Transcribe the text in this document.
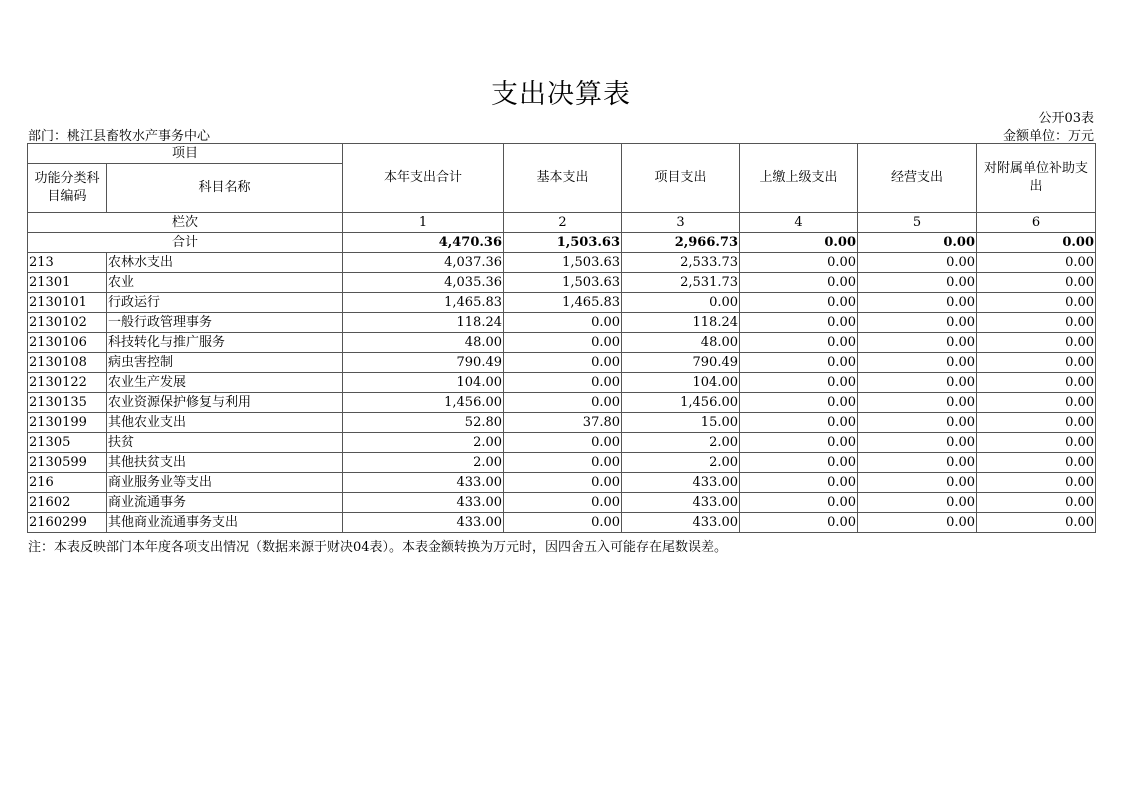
支出决算表
公开03表
部门：桃江县畜牧水产事务中心	金额单位：万元
项目		本年支出合计	基本支出	项目支出	上缴上级支出	经营支出	对附属单位补助支出
功能分类科目编码	科目名称						
栏次		1	2	3	4	5	6
合计		4,470.36	1,503.63	2,966.73	0.00	0.00	0.00
213	农林水支出	4,037.36	1,503.63	2,533.73	0.00	0.00	0.00
21301	农业	4,035.36	1,503.63	2,531.73	0.00	0.00	0.00
2130101	行政运行	1,465.83	1,465.83	0.00	0.00	0.00	0.00
2130102	一般行政管理事务	118.24	0.00	118.24	0.00	0.00	0.00
2130106	科技转化与推广服务	48.00	0.00	48.00	0.00	0.00	0.00
2130108	病虫害控制	790.49	0.00	790.49	0.00	0.00	0.00
2130122	农业生产发展	104.00	0.00	104.00	0.00	0.00	0.00
2130135	农业资源保护修复与利用	1,456.00	0.00	1,456.00	0.00	0.00	0.00
2130199	其他农业支出	52.80	37.80	15.00	0.00	0.00	0.00
21305	扶贫	2.00	0.00	2.00	0.00	0.00	0.00
2130599	其他扶贫支出	2.00	0.00	2.00	0.00	0.00	0.00
216	商业服务业等支出	433.00	0.00	433.00	0.00	0.00	0.00
21602	商业流通事务	433.00	0.00	433.00	0.00	0.00	0.00
2160299	其他商业流通事务支出	433.00	0.00	433.00	0.00	0.00	0.00
注：本表反映部门本年度各项支出情况（数据来源于财决04表）。本表金额转换为万元时，因四舍五入可能存在尾数误差。
